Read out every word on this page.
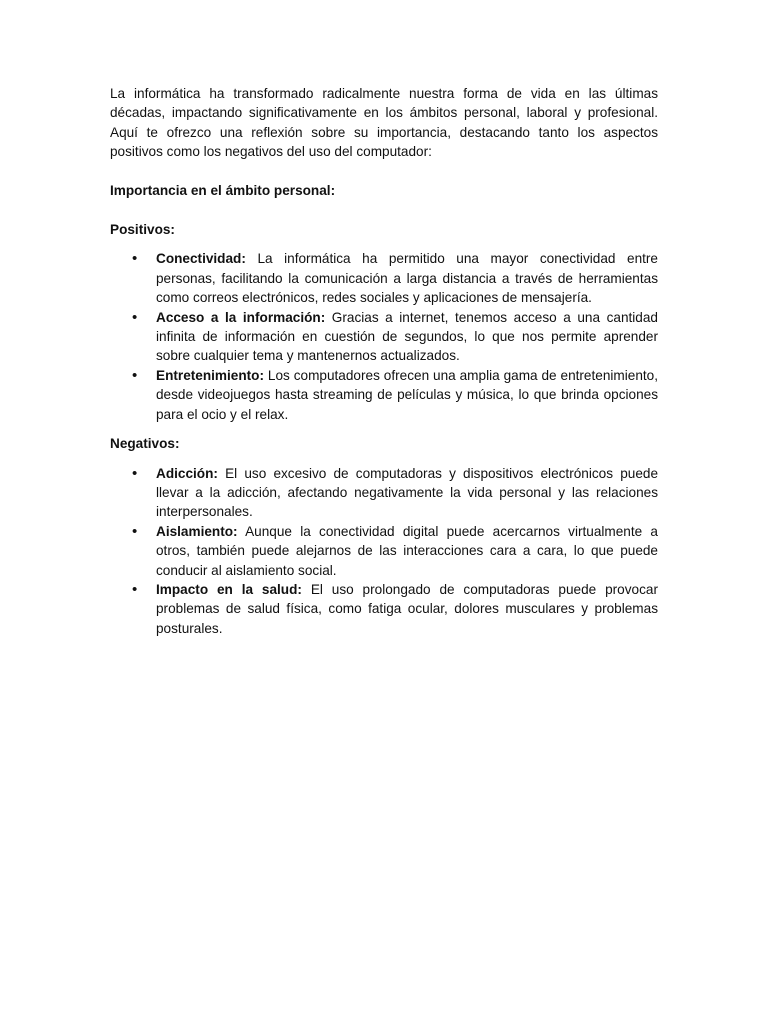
La informática ha transformado radicalmente nuestra forma de vida en las últimas décadas, impactando significativamente en los ámbitos personal, laboral y profesional. Aquí te ofrezco una reflexión sobre su importancia, destacando tanto los aspectos positivos como los negativos del uso del computador:

Importancia en el ámbito personal:

Positivos:

• Conectividad: La informática ha permitido una mayor conectividad entre personas, facilitando la comunicación a larga distancia a través de herramientas como correos electrónicos, redes sociales y aplicaciones de mensajería.
• Acceso a la información: Gracias a internet, tenemos acceso a una cantidad infinita de información en cuestión de segundos, lo que nos permite aprender sobre cualquier tema y mantenernos actualizados.
• Entretenimiento: Los computadores ofrecen una amplia gama de entretenimiento, desde videojuegos hasta streaming de películas y música, lo que brinda opciones para el ocio y el relax.

Negativos:

• Adicción: El uso excesivo de computadoras y dispositivos electrónicos puede llevar a la adicción, afectando negativamente la vida personal y las relaciones interpersonales.
• Aislamiento: Aunque la conectividad digital puede acercarnos virtualmente a otros, también puede alejarnos de las interacciones cara a cara, lo que puede conducir al aislamiento social.
• Impacto en la salud: El uso prolongado de computadoras puede provocar problemas de salud física, como fatiga ocular, dolores musculares y problemas posturales.
